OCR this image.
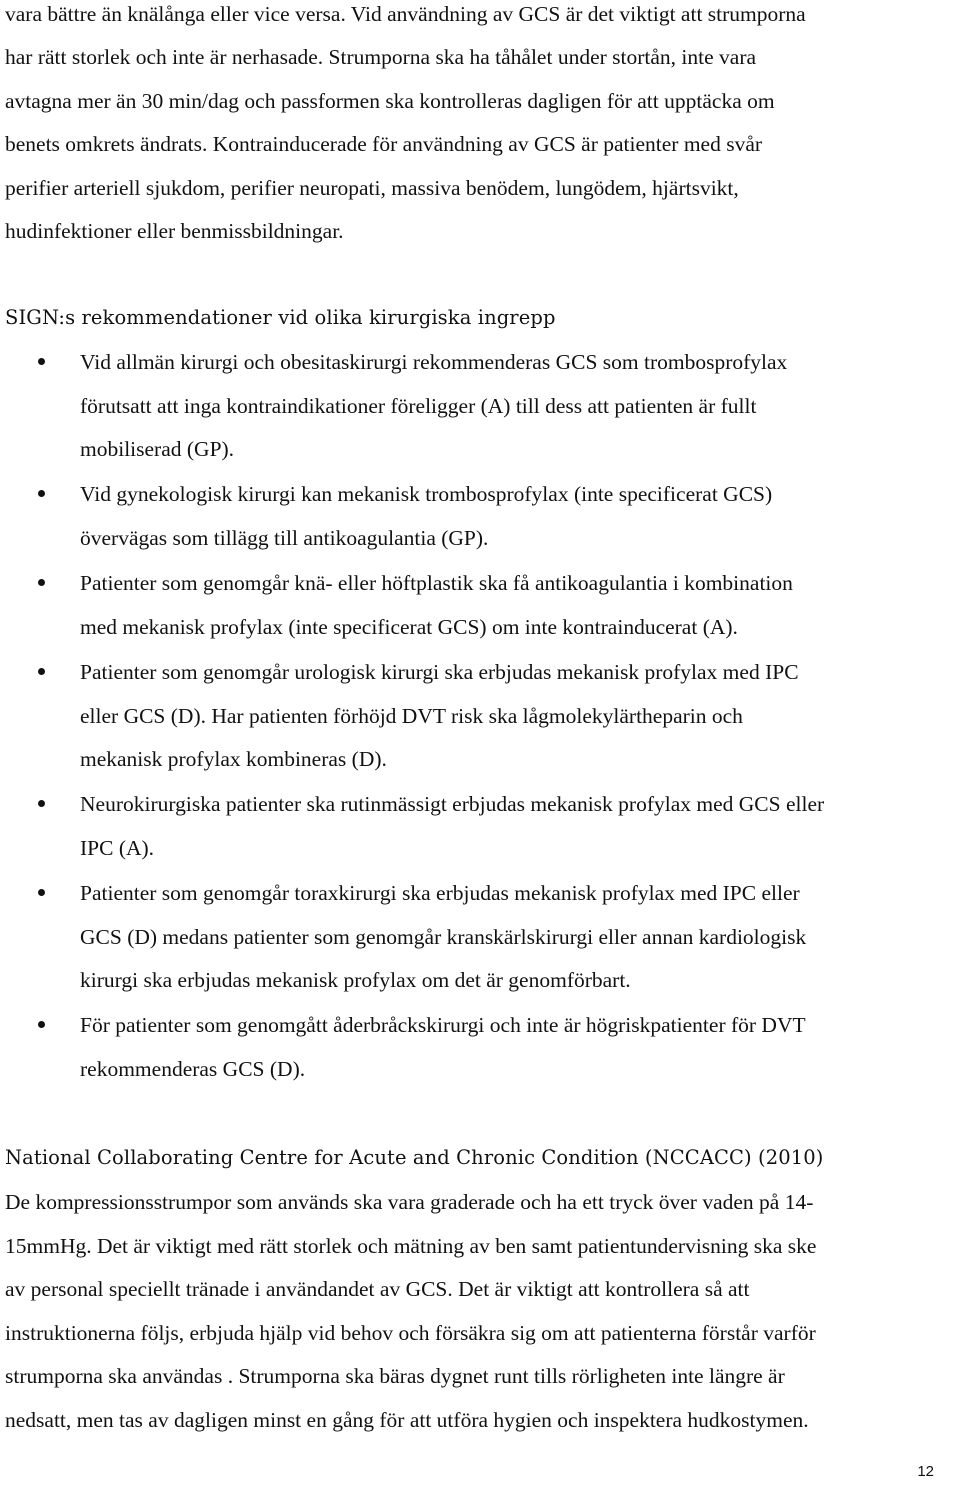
vara bättre än knälånga eller vice versa. Vid användning av GCS är det viktigt att strumporna
har rätt storlek och inte är nerhasade. Strumporna ska ha tåhålet under stortån, inte vara
avtagna mer än 30 min/dag och passformen ska kontrolleras dagligen för att upptäcka om
benets omkrets ändrats. Kontrainducerade för användning av GCS är patienter med svår
perifier arteriell sjukdom, perifier neuropati, massiva benödem, lungödem, hjärtsvikt,
hudinfektioner eller benmissbildningar.
SIGN:s rekommendationer vid olika kirurgiska ingrepp
Vid allmän kirurgi och obesitaskirurgi rekommenderas GCS som trombosprofylax
förutsatt att inga kontraindikationer föreligger (A) till dess att patienten är fullt
mobiliserad (GP).
Vid gynekologisk kirurgi kan mekanisk trombosprofylax (inte specificerat GCS)
övervägas som tillägg till antikoagulantia (GP).
Patienter som genomgår knä- eller höftplastik ska få antikoagulantia i kombination
med mekanisk profylax (inte specificerat GCS) om inte kontrainducerat (A).
Patienter som genomgår urologisk kirurgi ska erbjudas mekanisk profylax med IPC
eller GCS (D). Har patienten förhöjd DVT risk ska lågmolekylärtheparin och
mekanisk profylax kombineras (D).
Neurokirurgiska patienter ska rutinmässigt erbjudas mekanisk profylax med GCS eller
IPC (A).
Patienter som genomgår toraxkirurgi ska erbjudas mekanisk profylax med IPC eller
GCS (D) medans patienter som genomgår kranskärlskirurgi eller annan kardiologisk
kirurgi ska erbjudas mekanisk profylax om det är genomförbart.
För patienter som genomgått åderbråckskirurgi och inte är högriskpatienter för DVT
rekommenderas GCS (D).
National Collaborating Centre for Acute and Chronic Condition (NCCACC) (2010)
De kompressionsstrumpor som används ska vara graderade och ha ett tryck över vaden på 14-
15mmHg. Det är viktigt med rätt storlek och mätning av ben samt patientundervisning ska ske
av personal speciellt tränade i användandet av GCS. Det är viktigt att kontrollera så att
instruktionerna följs, erbjuda hjälp vid behov och försäkra sig om att patienterna förstår varför
strumporna ska användas . Strumporna ska bäras dygnet runt tills rörligheten inte längre är
nedsatt, men tas av dagligen minst en gång för att utföra hygien och inspektera hudkostymen.
12
